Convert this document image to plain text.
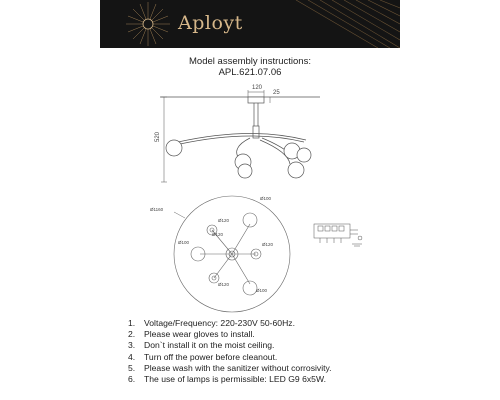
Aployt
Model assembly instructions:
APL.621.07.06
120
25
520
Ø1160
Ø100
Ø100
Ø100
Ø120
Ø120
Ø120
Ø120
1. Voltage/Frequency: 220-230V 50-60Hz.
2. Please wear gloves to install.
3. Don`t install it on the moist ceiling.
4. Turn off the power before cleanout.
5. Please wash with the sanitizer without corrosivity.
6. The use of lamps is permissible: LED G9 6x5W.
